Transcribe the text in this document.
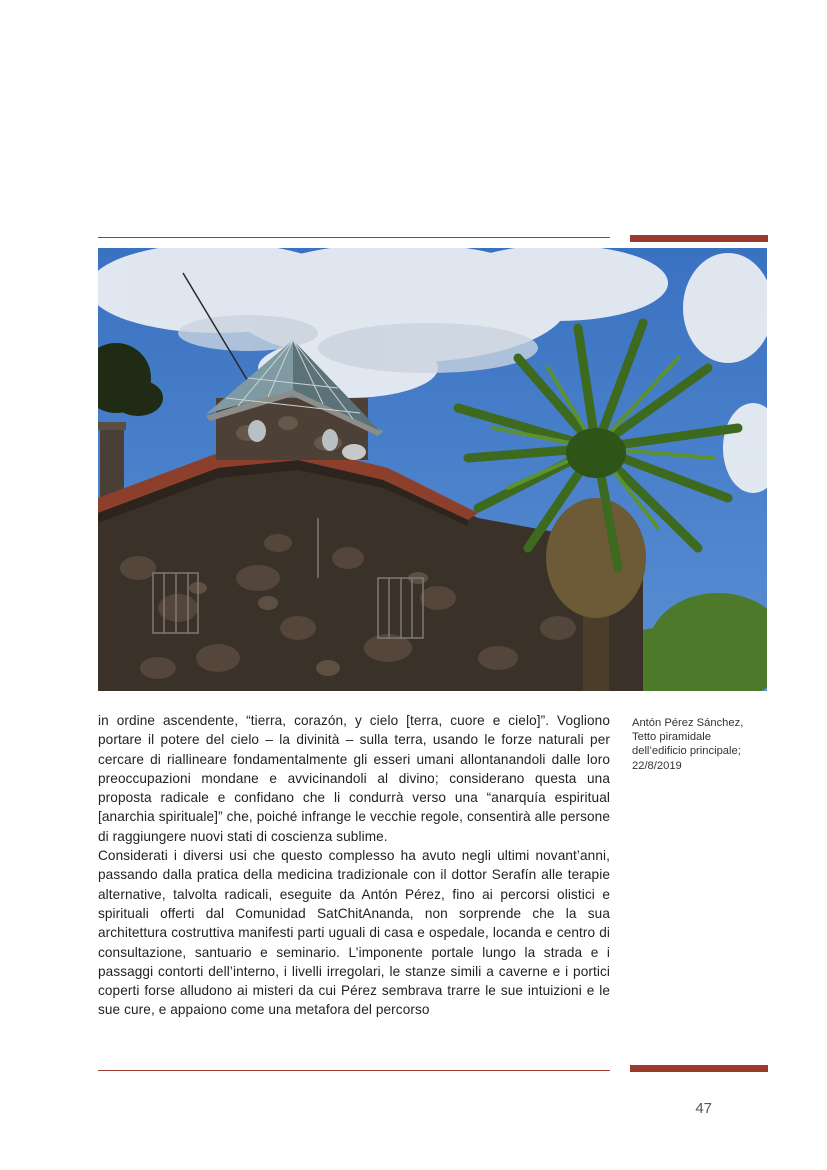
in ordine ascendente, “tierra, corazón, y cielo [terra, cuore e cielo]”. Vogliono portare il potere del cielo – la divinità – sulla terra, usando le forze naturali per cercare di riallineare fondamentalmente gli esseri umani allontanandoli dalle loro preoccupazioni mondane e avvicinandoli al divino; considerano questa una proposta radicale e confidano che li condurrà verso una “anarquía espiritual [anarchia spirituale]” che, poiché infrange le vecchie regole, consentirà alle persone di raggiungere nuovi stati di coscienza sublime.

Considerati i diversi usi che questo complesso ha avuto negli ultimi novant’anni, passando dalla pratica della medicina tradizionale con il dottor Serafín alle terapie alternative, talvolta radicali, eseguite da Antón Pérez, fino ai percorsi olistici e spirituali offerti dal Comunidad SatChitAnanda, non sorprende che la sua architettura costruttiva manifesti parti uguali di casa e ospedale, locanda e centro di consultazione, santuario e seminario. L’imponente portale lungo la strada e i passaggi contorti dell’interno, i livelli irregolari, le stanze simili a caverne e i portici coperti forse alludono ai misteri da cui Pérez sembrava trarre le sue intuizioni e le sue cure, e appaiono come una metafora del percorso

Antón Pérez Sánchez,
Tetto piramidale
dell’edificio principale;
22/8/2019
47
